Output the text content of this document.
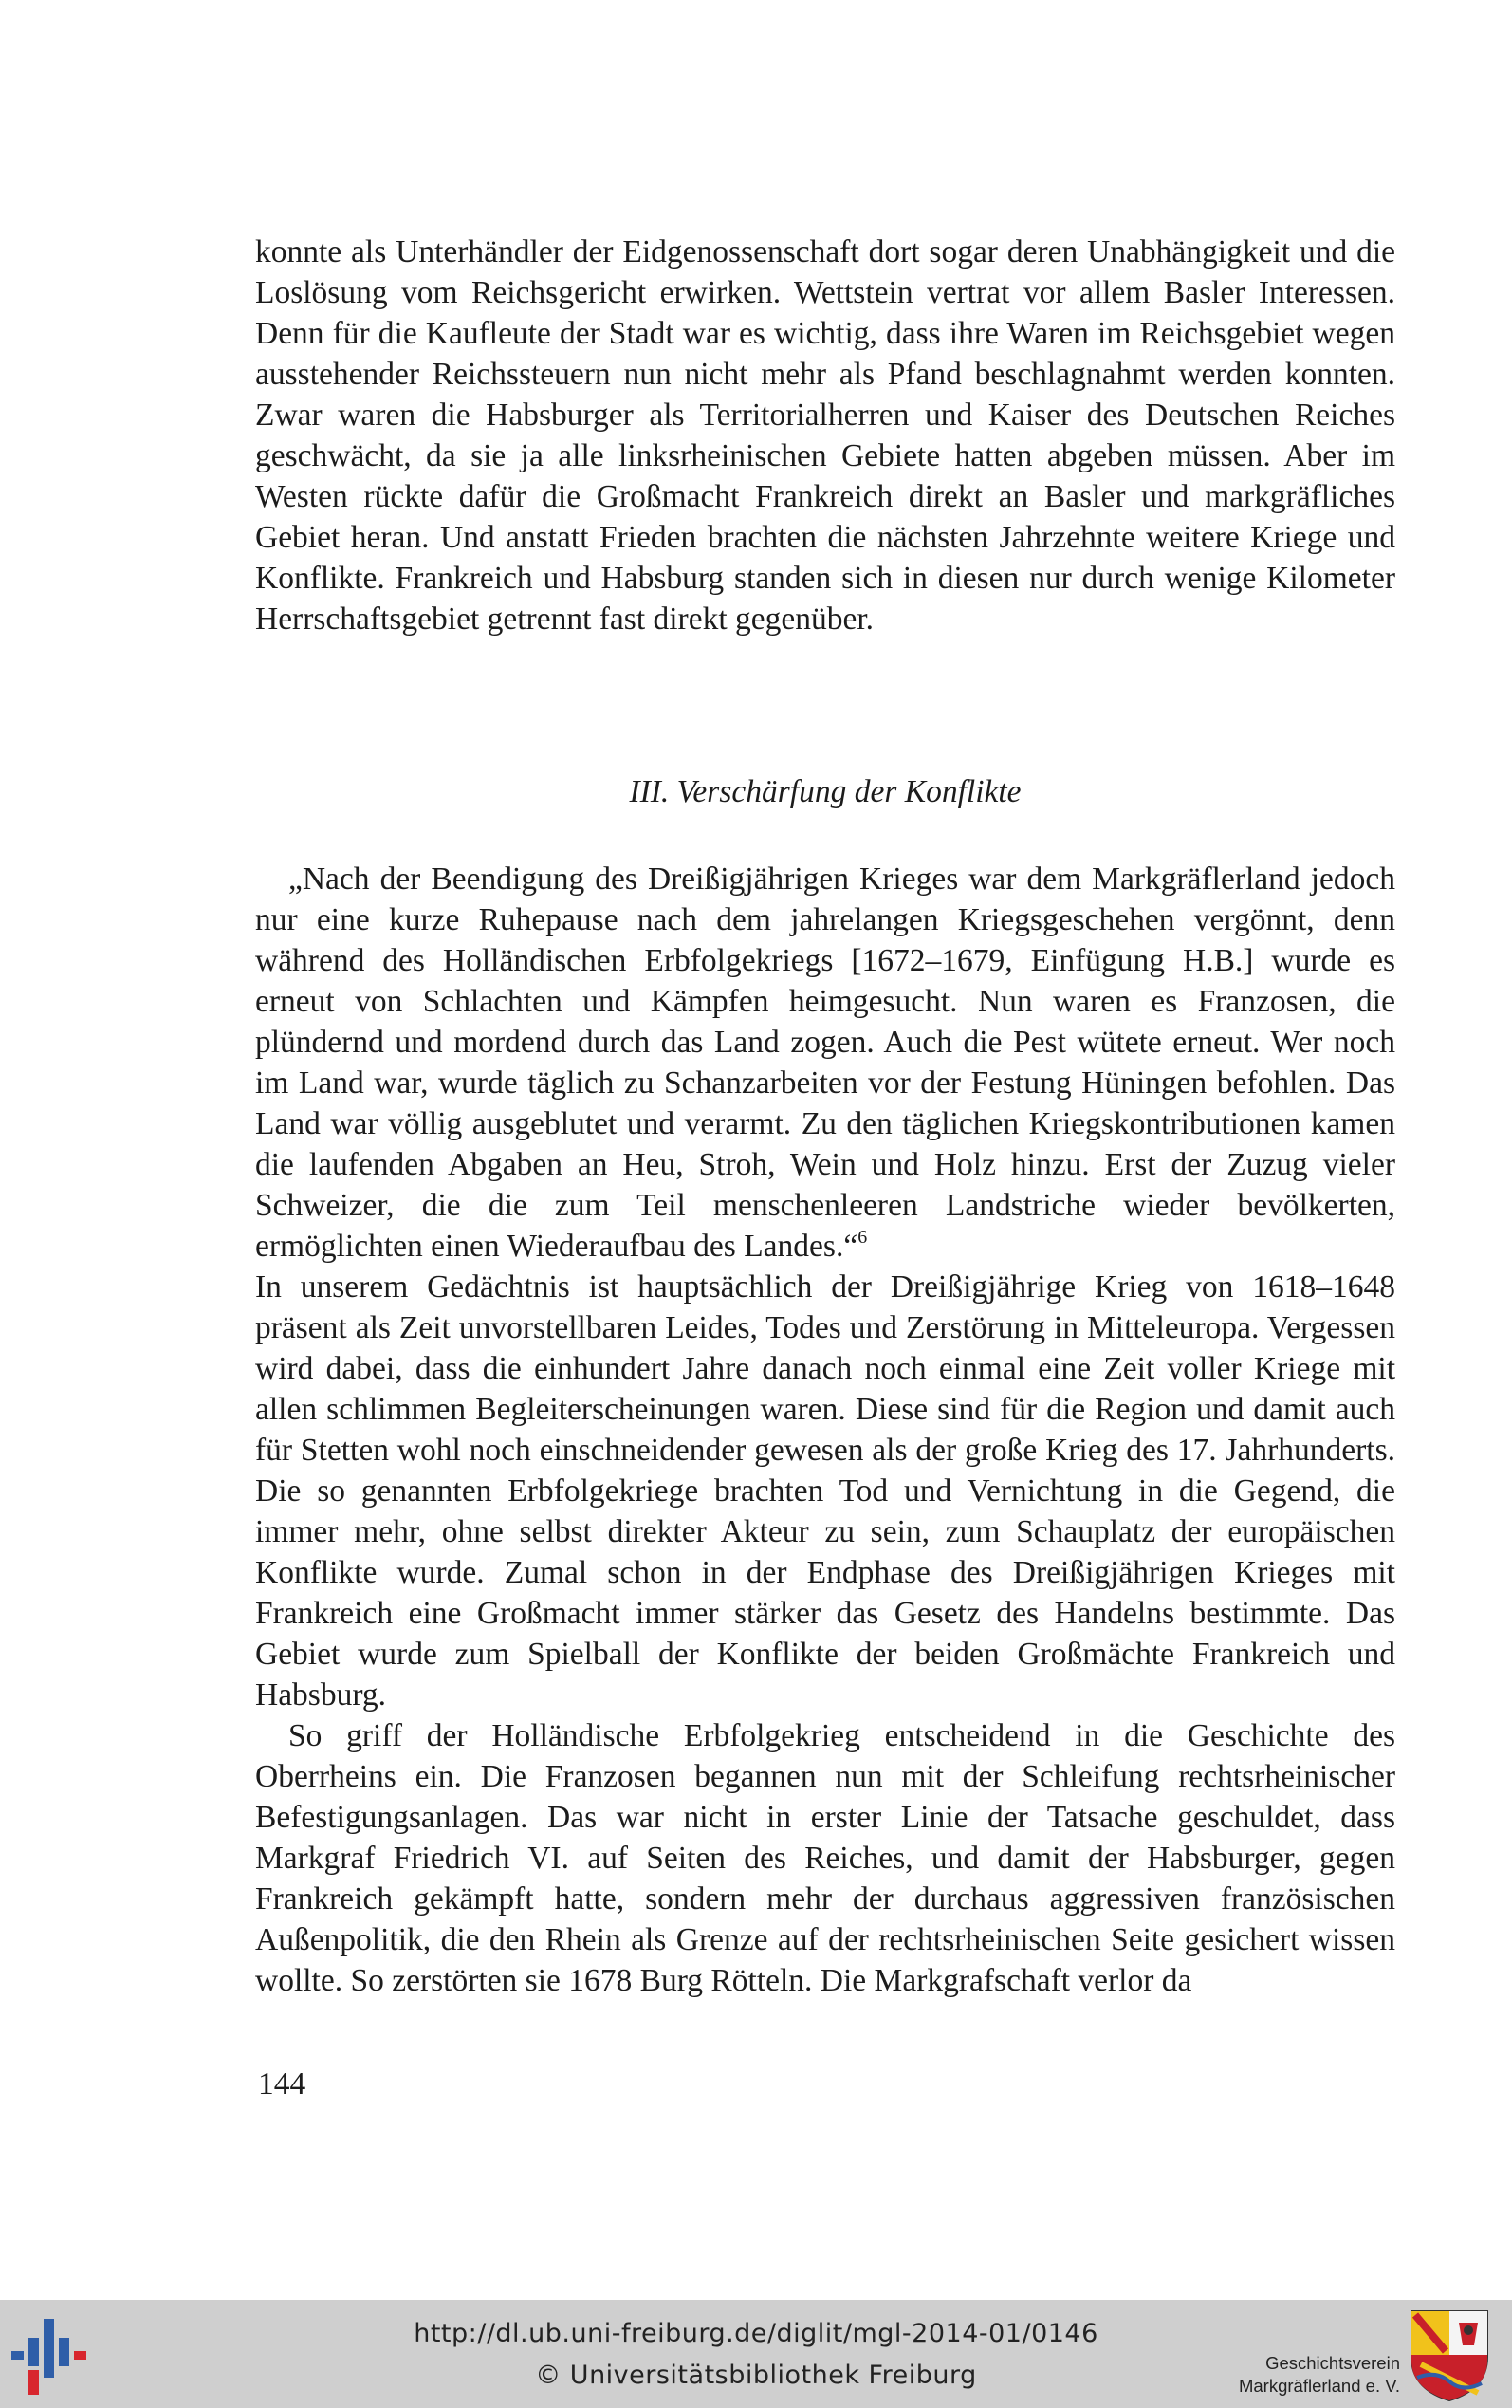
konnte als Unterhändler der Eidgenossenschaft dort sogar deren Unabhängigkeit und die Loslösung vom Reichsgericht erwirken. Wettstein vertrat vor allem Basler Interessen. Denn für die Kaufleute der Stadt war es wichtig, dass ihre Waren im Reichsgebiet wegen ausstehender Reichssteuern nun nicht mehr als Pfand beschlagnahmt werden konnten. Zwar waren die Habsburger als Territorialherren und Kaiser des Deutschen Reiches geschwächt, da sie ja alle linksrheinischen Gebiete hatten abgeben müssen. Aber im Westen rückte dafür die Großmacht Frankreich direkt an Basler und markgräfliches Gebiet heran. Und anstatt Frieden brachten die nächsten Jahrzehnte weitere Kriege und Konflikte. Frankreich und Habsburg standen sich in diesen nur durch wenige Kilometer Herrschaftsgebiet getrennt fast direkt gegenüber.

III. Verschärfung der Konflikte

„Nach der Beendigung des Dreißigjährigen Krieges war dem Markgräflerland jedoch nur eine kurze Ruhepause nach dem jahrelangen Kriegsgeschehen vergönnt, denn während des Holländischen Erbfolgekriegs [1672–1679, Einfügung H.B.] wurde es erneut von Schlachten und Kämpfen heimgesucht. Nun waren es Franzosen, die plündernd und mordend durch das Land zogen. Auch die Pest wütete erneut. Wer noch im Land war, wurde täglich zu Schanzarbeiten vor der Festung Hüningen befohlen. Das Land war völlig ausgeblutet und verarmt. Zu den täglichen Kriegskontributionen kamen die laufenden Abgaben an Heu, Stroh, Wein und Holz hinzu. Erst der Zuzug vieler Schweizer, die die zum Teil menschenleeren Landstriche wieder bevölkerten, ermöglichten einen Wiederaufbau des Landes.“$^6$

In unserem Gedächtnis ist hauptsächlich der Dreißigjährige Krieg von 1618–1648 präsent als Zeit unvorstellbaren Leides, Todes und Zerstörung in Mitteleuropa. Vergessen wird dabei, dass die einhundert Jahre danach noch einmal eine Zeit voller Kriege mit allen schlimmen Begleiterscheinungen waren. Diese sind für die Region und damit auch für Stetten wohl noch einschneidender gewesen als der große Krieg des 17. Jahrhunderts. Die so genannten Erbfolgekriege brachten Tod und Vernichtung in die Gegend, die immer mehr, ohne selbst direkter Akteur zu sein, zum Schauplatz der europäischen Konflikte wurde. Zumal schon in der Endphase des Dreißigjährigen Krieges mit Frankreich eine Großmacht immer stärker das Gesetz des Handelns bestimmte. Das Gebiet wurde zum Spielball der Konflikte der beiden Großmächte Frankreich und Habsburg.

So griff der Holländische Erbfolgekrieg entscheidend in die Geschichte des Oberrheins ein. Die Franzosen begannen nun mit der Schleifung rechtsrheinischer Befestigungsanlagen. Das war nicht in erster Linie der Tatsache geschuldet, dass Markgraf Friedrich VI. auf Seiten des Reiches, und damit der Habsburger, gegen Frankreich gekämpft hatte, sondern mehr der durchaus aggressiven französischen Außenpolitik, die den Rhein als Grenze auf der rechtsrheinischen Seite gesichert wissen wollte. So zerstörten sie 1678 Burg Rötteln. Die Markgrafschaft verlor da

144
http://dl.ub.uni-freiburg.de/diglit/mgl-2014-01/0146
© Universitätsbibliothek Freiburg	Geschichtsverein
Markgräflerland e. V.
